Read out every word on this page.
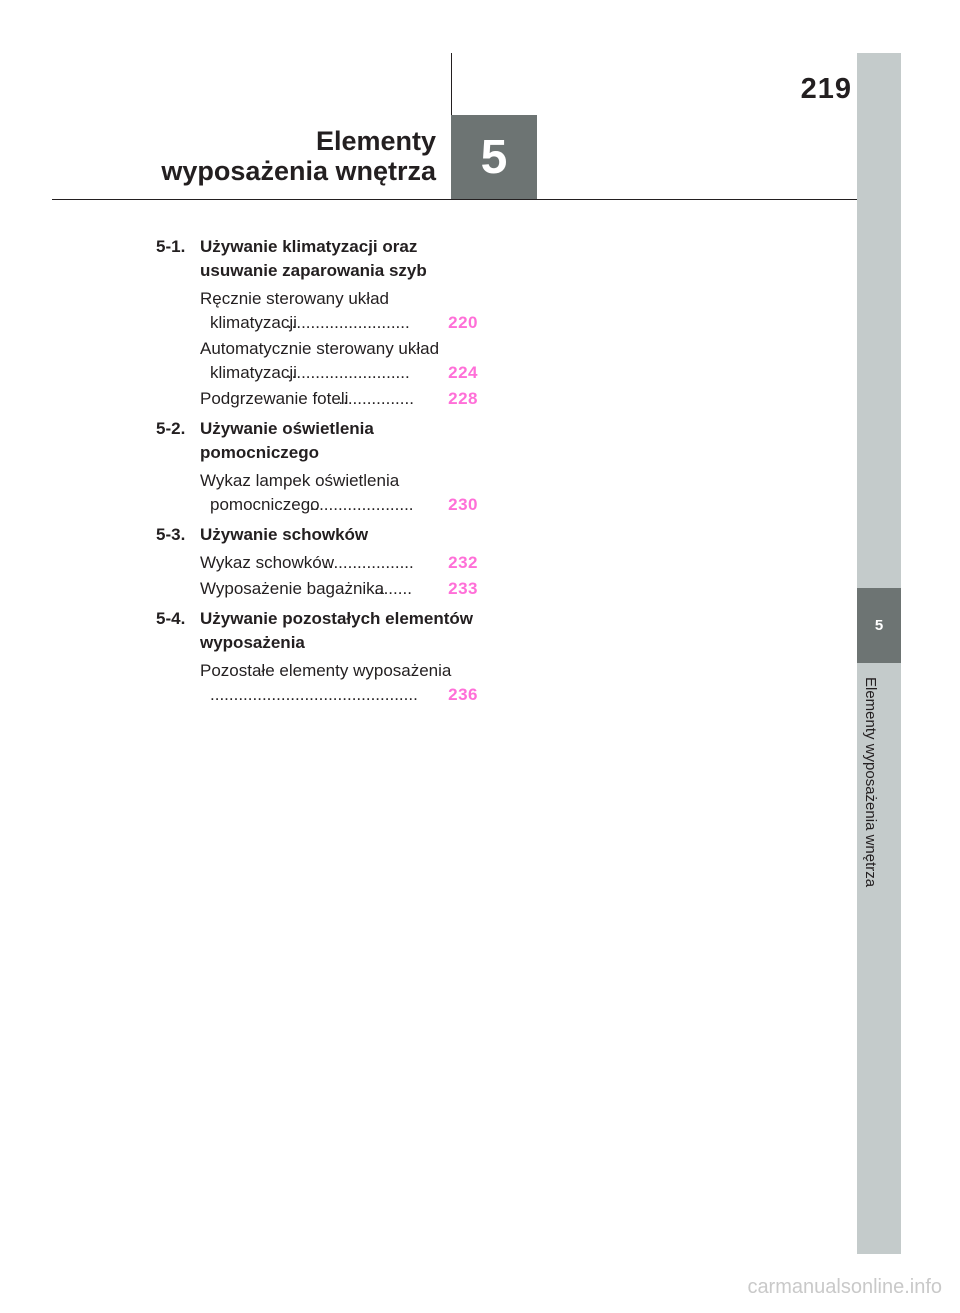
5
Elementy wyposażenia wnętrza
219
5
Elementy
wyposażenia wnętrza
5-1. Używanie klimatyzacji oraz usuwanie zaparowania szyb
Ręcznie sterowany układ
klimatyzacji
..........................	220
Automatycznie sterowany układ
klimatyzacji
..........................	224
Podgrzewanie foteli
................	228
5-2. Używanie oświetlenia pomocniczego
Wykaz lampek oświetlenia
pomocniczego
......................	230
5-3. Używanie schowków
Wykaz schowków
...................	232
Wyposażenie bagażnika
........	233
5-4. Używanie pozostałych elementów wyposażenia
Pozostałe elementy wyposażenia
............................................	236
carmanualsonline.info
